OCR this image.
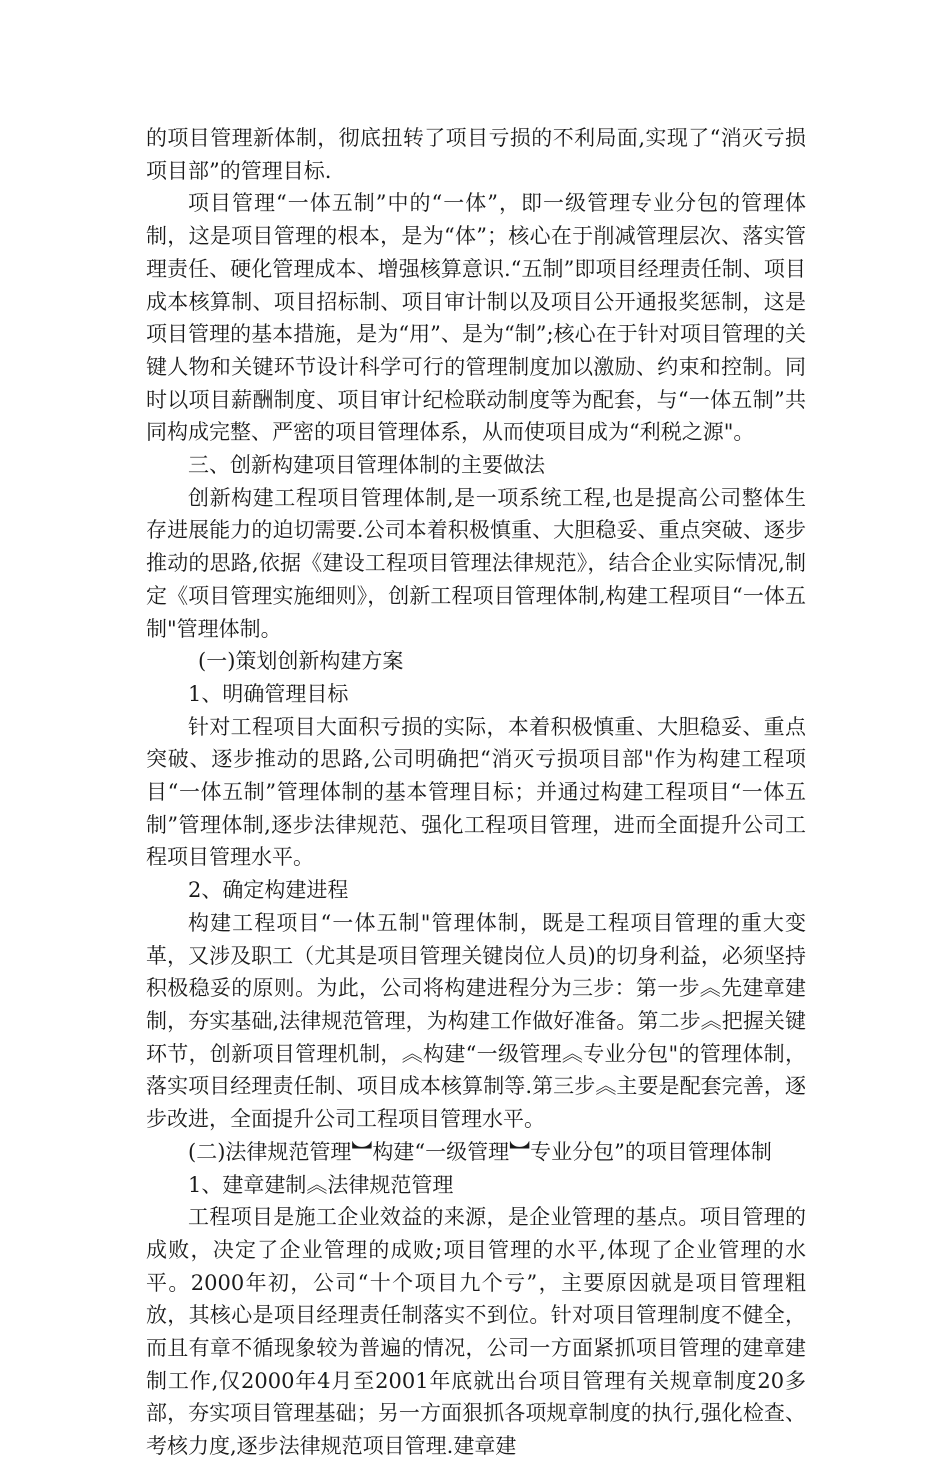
的项目管理新体制，彻底扭转了项目亏损的不利局面,实现了“消灭亏损项目部”的管理目标.

项目管理“一体五制”中的“一体”，即一级管理专业分包的管理体制，这是项目管理的根本，是为“体”；核心在于削减管理层次、落实管理责任、硬化管理成本、增强核算意识.“五制”即项目经理责任制、项目成本核算制、项目招标制、项目审计制以及项目公开通报奖惩制，这是项目管理的基本措施，是为“用”、是为“制”;核心在于针对项目管理的关键人物和关键环节设计科学可行的管理制度加以激励、约束和控制。同时以项目薪酬制度、项目审计纪检联动制度等为配套，与“一体五制”共同构成完整、严密的项目管理体系，从而使项目成为“利税之源"。

三、创新构建项目管理体制的主要做法

创新构建工程项目管理体制,是一项系统工程,也是提高公司整体生存进展能力的迫切需要.公司本着积极慎重、大胆稳妥、重点突破、逐步推动的思路,依据《建设工程项目管理法律规范》，结合企业实际情况,制定《项目管理实施细则》，创新工程项目管理体制,构建工程项目“一体五制"管理体制。

(一)策划创新构建方案

1、明确管理目标

针对工程项目大面积亏损的实际，本着积极慎重、大胆稳妥、重点突破、逐步推动的思路,公司明确把“消灭亏损项目部"作为构建工程项目“一体五制”管理体制的基本管理目标；并通过构建工程项目“一体五制”管理体制,逐步法律规范、强化工程项目管理，进而全面提升公司工程项目管理水平。

2、确定构建进程

构建工程项目“一体五制"管理体制，既是工程项目管理的重大变革，又涉及职工（尤其是项目管理关键岗位人员)的切身利益，必须坚持积极稳妥的原则。为此，公司将构建进程分为三步：第一步︽先建章建制，夯实基础,法律规范管理，为构建工作做好准备。第二步︽把握关键环节，创新项目管理机制，︽构建“一级管理︽专业分包"的管理体制，落实项目经理责任制、项目成本核算制等.第三步︽主要是配套完善，逐步改进，全面提升公司工程项目管理水平。

(二)法律规范管理︼构建“一级管理︼专业分包”的项目管理体制

1、建章建制︽法律规范管理

工程项目是施工企业效益的来源，是企业管理的基点。项目管理的成败，决定了企业管理的成败;项目管理的水平,体现了企业管理的水平。2000年初，公司“十个项目九个亏”，主要原因就是项目管理粗放，其核心是项目经理责任制落实不到位。针对项目管理制度不健全，而且有章不循现象较为普遍的情况，公司一方面紧抓项目管理的建章建制工作,仅2000年4月至2001年底就出台项目管理有关规章制度20多部，夯实项目管理基础；另一方面狠抓各项规章制度的执行,强化检查、考核力度,逐步法律规范项目管理.建章建
